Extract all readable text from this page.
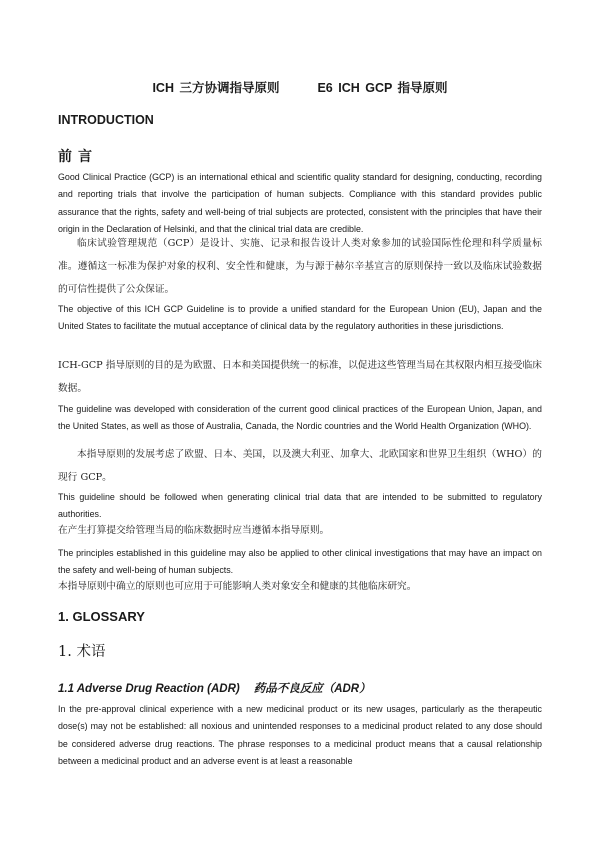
ICH 三方协调指导原则	E6 ICH GCP 指导原则
INTRODUCTION
前言

Good Clinical Practice (GCP) is an international ethical and scientific quality standard for designing, conducting, recording and reporting trials that involve the participation of human subjects. Compliance with this standard provides public assurance that the rights, safety and well-being of trial subjects are protected, consistent with the principles that have their origin in the Declaration of Helsinki, and that the clinical trial data are credible.

临床试验管理规范（GCP）是设计、实施、记录和报告设计人类对象参加的试验国际性伦理和科学质量标准。遵循这一标准为保护对象的权利、安全性和健康，为与源于赫尔辛基宣言的原则保持一致以及临床试验数据的可信性提供了公众保证。

The objective of this ICH GCP Guideline is to provide a unified standard for the European Union (EU), Japan and the United States to facilitate the mutual acceptance of clinical data by the regulatory authorities in these jurisdictions.

ICH-GCP 指导原则的目的是为欧盟、日本和美国提供统一的标准，以促进这些管理当局在其权限内相互接受临床数据。

The guideline was developed with consideration of the current good clinical practices of the European Union, Japan, and the United States, as well as those of Australia, Canada, the Nordic countries and the World Health Organization (WHO).

本指导原则的发展考虑了欧盟、日本、美国，以及澳大利亚、加拿大、北欧国家和世界卫生组织（WHO）的现行 GCP。

This guideline should be followed when generating clinical trial data that are intended to be submitted to regulatory authorities.

在产生打算提交给管理当局的临床数据时应当遵循本指导原则。

The principles established in this guideline may also be applied to other clinical investigations that may have an impact on the safety and well-being of human subjects.

本指导原则中确立的原则也可应用于可能影响人类对象安全和健康的其他临床研究。

1. GLOSSARY
1. 术语
1.1 Adverse Drug Reaction (ADR) 药品不良反应（ADR）

In the pre-approval clinical experience with a new medicinal product or its new usages, particularly as the therapeutic dose(s) may not be established: all noxious and unintended responses to a medicinal product related to any dose should be considered adverse drug reactions. The phrase responses to a medicinal product means that a causal relationship between a medicinal product and an adverse event is at least a reasonable
